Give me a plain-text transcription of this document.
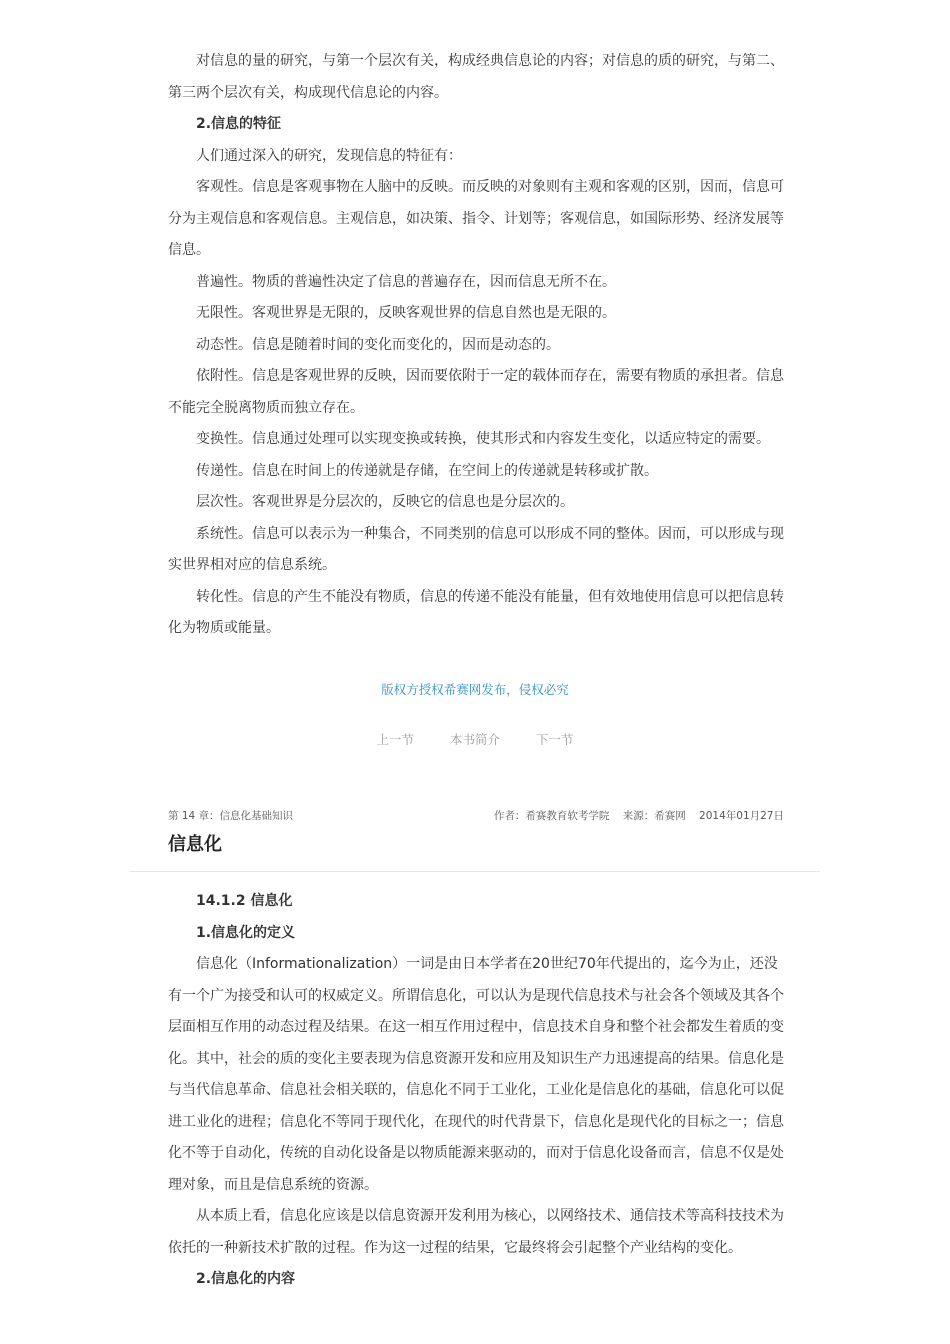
对信息的量的研究，与第一个层次有关，构成经典信息论的内容；对信息的质的研究，与第二、第三两个层次有关，构成现代信息论的内容。

2.信息的特征

人们通过深入的研究，发现信息的特征有：

客观性。信息是客观事物在人脑中的反映。而反映的对象则有主观和客观的区别，因而，信息可分为主观信息和客观信息。主观信息，如决策、指令、计划等；客观信息，如国际形势、经济发展等信息。

普遍性。物质的普遍性决定了信息的普遍存在，因而信息无所不在。

无限性。客观世界是无限的，反映客观世界的信息自然也是无限的。

动态性。信息是随着时间的变化而变化的，因而是动态的。

依附性。信息是客观世界的反映，因而要依附于一定的载体而存在，需要有物质的承担者。信息不能完全脱离物质而独立存在。

变换性。信息通过处理可以实现变换或转换，使其形式和内容发生变化，以适应特定的需要。

传递性。信息在时间上的传递就是存储，在空间上的传递就是转移或扩散。

层次性。客观世界是分层次的，反映它的信息也是分层次的。

系统性。信息可以表示为一种集合，不同类别的信息可以形成不同的整体。因而，可以形成与现实世界相对应的信息系统。

转化性。信息的产生不能没有物质，信息的传递不能没有能量，但有效地使用信息可以把信息转化为物质或能量。

版权方授权希赛网发布，侵权必究
上一节	本书简介	下一节
第 14 章：信息化基础知识	作者：希赛教育软考学院 来源：希赛网 2014年01月27日
信息化

14.1.2 信息化

1.信息化的定义

信息化（Informationalization）一词是由日本学者在20世纪70年代提出的，迄今为止，还没有一个广为接受和认可的权威定义。所谓信息化，可以认为是现代信息技术与社会各个领域及其各个层面相互作用的动态过程及结果。在这一相互作用过程中，信息技术自身和整个社会都发生着质的变化。其中，社会的质的变化主要表现为信息资源开发和应用及知识生产力迅速提高的结果。信息化是与当代信息革命、信息社会相关联的，信息化不同于工业化，工业化是信息化的基础，信息化可以促进工业化的进程；信息化不等同于现代化，在现代的时代背景下，信息化是现代化的目标之一；信息化不等于自动化，传统的自动化设备是以物质能源来驱动的，而对于信息化设备而言，信息不仅是处理对象，而且是信息系统的资源。

从本质上看，信息化应该是以信息资源开发利用为核心，以网络技术、通信技术等高科技技术为依托的一种新技术扩散的过程。作为这一过程的结果，它最终将会引起整个产业结构的变化。

2.信息化的内容
